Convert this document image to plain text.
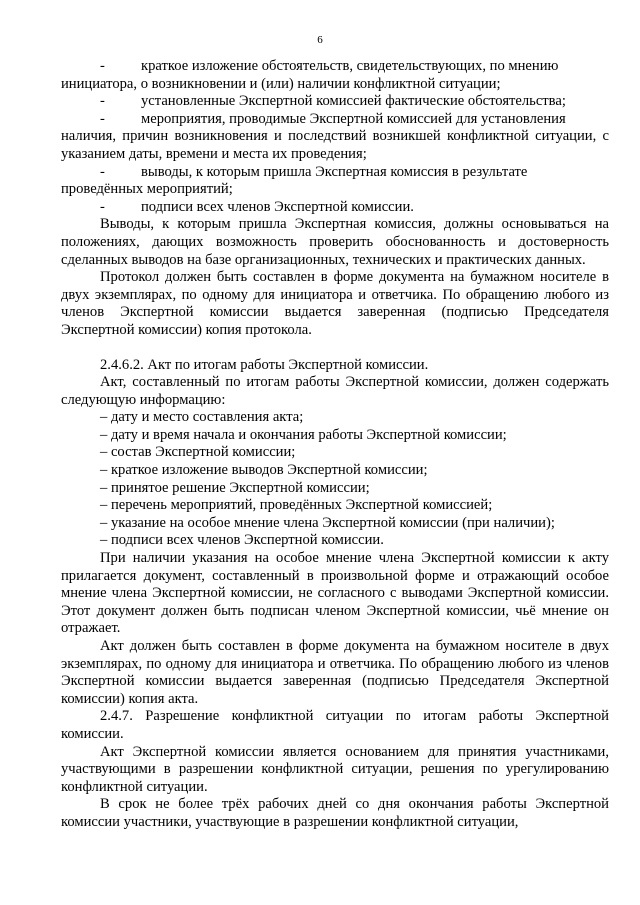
6
-	краткое изложение обстоятельств, свидетельствующих, по мнению

инициатора, о возникновении и (или) наличии конфликтной ситуации;

-	установленные Экспертной комиссией фактические обстоятельства;
-	мероприятия, проводимые Экспертной комиссией для установления

наличия, причин возникновения и последствий возникшей конфликтной ситуации, с указанием даты, времени и места их проведения;

-	выводы, к которым пришла Экспертная комиссия в результате

проведённых мероприятий;

-	подписи всех членов Экспертной комиссии.

Выводы, к которым пришла Экспертная комиссия, должны основываться на положениях, дающих возможность проверить обоснованность и достоверность сделанных выводов на базе организационных, технических и практических данных.

Протокол должен быть составлен в форме документа на бумажном носителе в двух экземплярах, по одному для инициатора и ответчика. По обращению любого из членов Экспертной комиссии выдается заверенная (подписью Председателя Экспертной комиссии) копия протокола.

2.4.6.2. Акт по итогам работы Экспертной комиссии.

Акт, составленный по итогам работы Экспертной комиссии, должен содержать следующую информацию:

– дату и место составления акта;

– дату и время начала и окончания работы Экспертной комиссии;

– состав Экспертной комиссии;

– краткое изложение выводов Экспертной комиссии;

– принятое решение Экспертной комиссии;

– перечень мероприятий, проведённых Экспертной комиссией;

– указание на особое мнение члена Экспертной комиссии (при наличии);

– подписи всех членов Экспертной комиссии.

При наличии указания на особое мнение члена Экспертной комиссии к акту прилагается документ, составленный в произвольной форме и отражающий особое мнение члена Экспертной комиссии, не согласного с выводами Экспертной комиссии. Этот документ должен быть подписан членом Экспертной комиссии, чьё мнение он отражает.

Акт должен быть составлен в форме документа на бумажном носителе в двух экземплярах, по одному для инициатора и ответчика. По обращению любого из членов Экспертной комиссии выдается заверенная (подписью Председателя Экспертной комиссии) копия акта.

2.4.7. Разрешение конфликтной ситуации по итогам работы Экспертной комиссии.

Акт Экспертной комиссии является основанием для принятия участниками, участвующими в разрешении конфликтной ситуации, решения по урегулированию конфликтной ситуации.

В срок не более трёх рабочих дней со дня окончания работы Экспертной комиссии участники, участвующие в разрешении конфликтной ситуации,
